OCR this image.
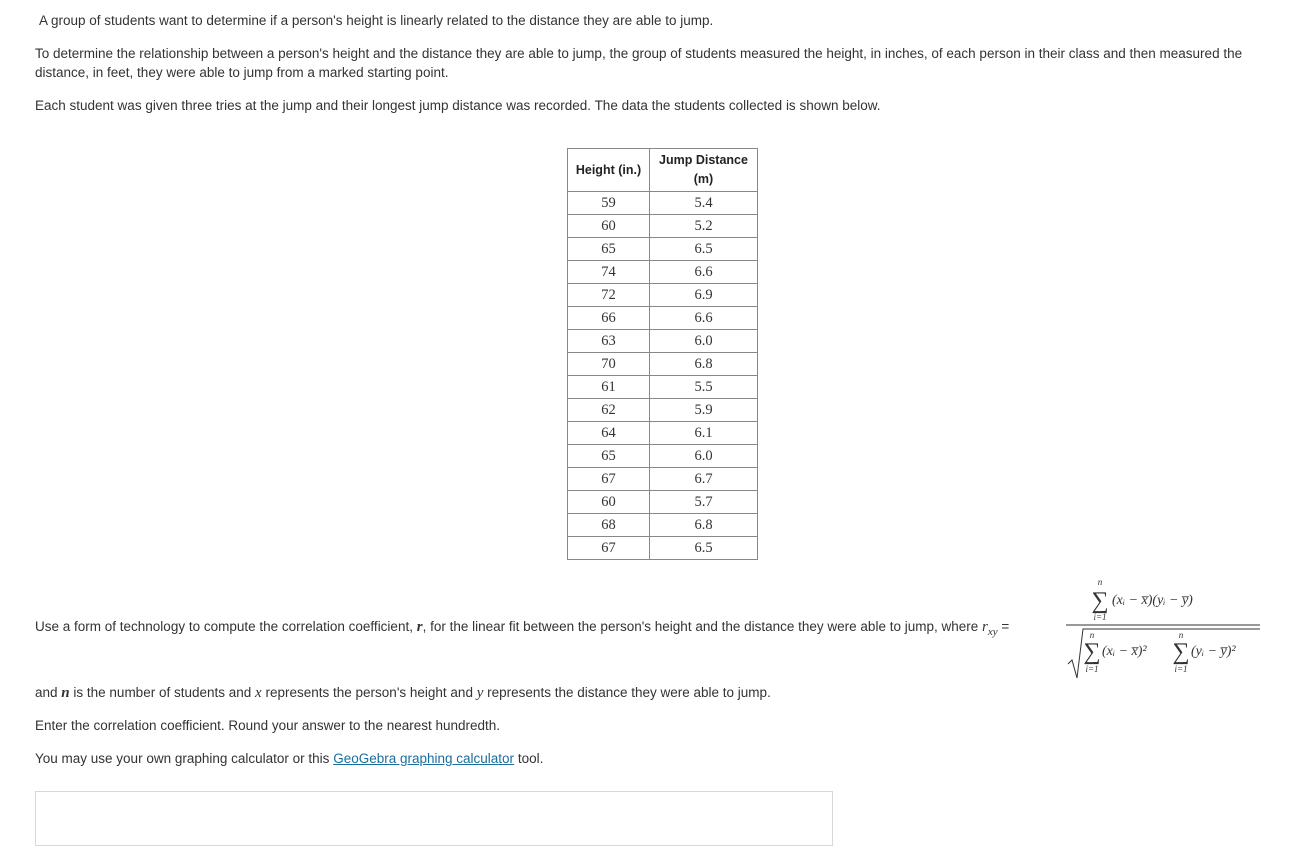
A group of students want to determine if a person's height is linearly related to the distance they are able to jump.

To determine the relationship between a person's height and the distance they are able to jump, the group of students measured the height, in inches, of each person in their class and then measured the distance, in feet, they were able to jump from a marked starting point.

Each student was given three tries at the jump and their longest jump distance was recorded. The data the students collected is shown below.

Height (in.)	Jump Distance (m)
59	5.4
60	5.2
65	6.5
74	6.6
72	6.9
66	6.6
63	6.0
70	6.8
61	5.5
62	5.9
64	6.1
65	6.0
67	6.7
60	5.7
68	6.8
67	6.5

Use a form of technology to compute the correlation coefficient, r, for the linear fit between the person's height and the distance they were able to jump, where $r_{xy}$ =

n
∑
i=1
(xᵢ − x̅)(yᵢ − y̅)
n
∑
i=1
(xᵢ − x̅)²
n
∑
i=1
(yᵢ − y̅)²

and n is the number of students and x represents the person's height and y represents the distance they were able to jump.

Enter the correlation coefficient. Round your answer to the nearest hundredth.

You may use your own graphing calculator or this GeoGebra graphing calculator tool.
